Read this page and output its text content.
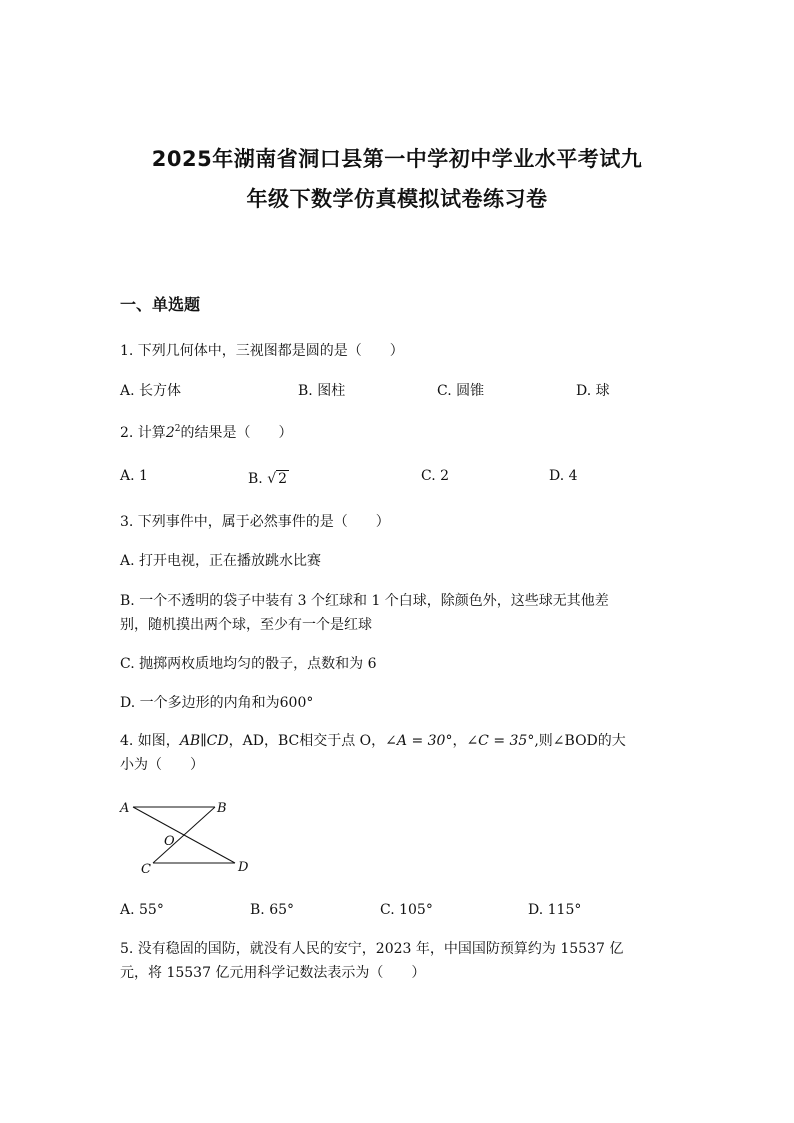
2025年湖南省洞口县第一中学初中学业水平考试九
年级下数学仿真模拟试卷练习卷
一、单选题
1. 下列几何体中，三视图都是圆的是（　　）
A. 长方体	B. 图柱	C. 圆锥	D. 球
2. 计算$2^2$的结果是（　　）
A. 1	B. √ 2	C. 2	D. 4
3. 下列事件中，属于必然事件的是（　　）
A. 打开电视，正在播放跳水比赛
B. 一个不透明的袋子中装有 3 个红球和 1 个白球，除颜色外，这些球无其他差
别，随机摸出两个球，至少有一个是红球
C. 抛掷两枚质地均匀的骰子，点数和为 6
D. 一个多边形的内角和为600°
4. 如图，AB∥CD，AD，BC相交于点 O，∠A = 30°，∠C = 35°,则∠BOD的大
小为（　　）
A	B
O
C	D
A. 55°	B. 65°	C. 105°	D. 115°
5. 没有稳固的国防，就没有人民的安宁，2023 年，中国国防预算约为 15537 亿
元，将 15537 亿元用科学记数法表示为（　　）
